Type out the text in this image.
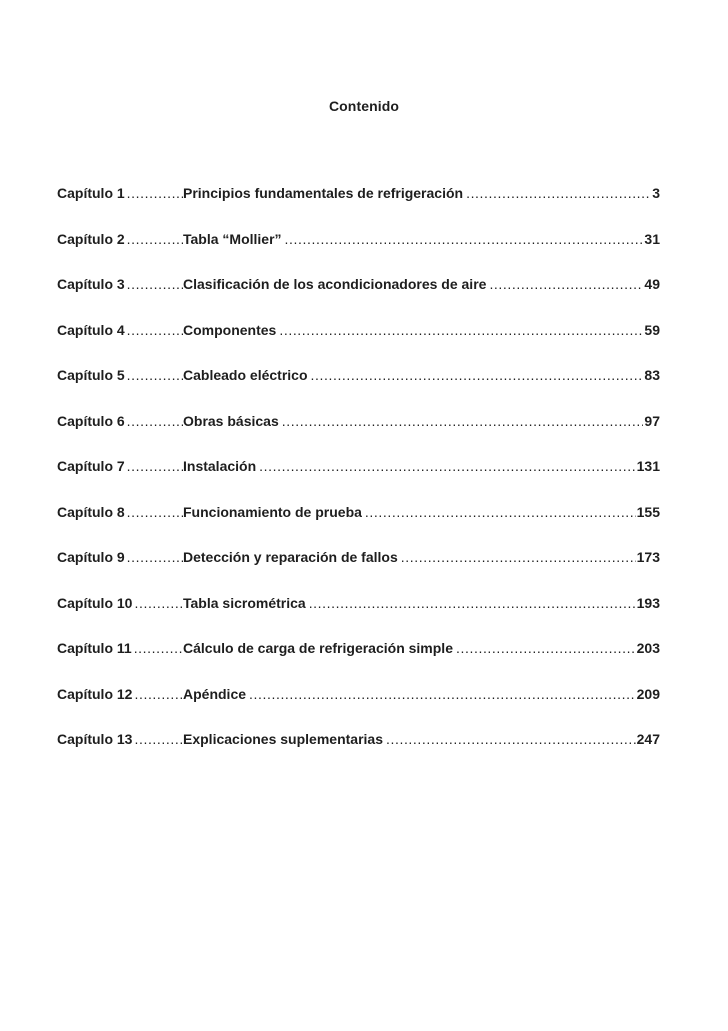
Contenido
Capítulo 1 .....	Principios fundamentales de refrigeración .....	3
Capítulo 2 .....	Tabla “Mollier” .....	31
Capítulo 3 .....	Clasificación de los acondicionadores de aire .....	49
Capítulo 4 .....	Componentes .....	59
Capítulo 5 .....	Cableado eléctrico .....	83
Capítulo 6 .....	Obras básicas .....	97
Capítulo 7 .....	Instalación .....	131
Capítulo 8 .....	Funcionamiento de prueba .....	155
Capítulo 9 .....	Detección y reparación de fallos .....	173
Capítulo 10 .....	Tabla sicrométrica .....	193
Capítulo 11 .....	Cálculo de carga de refrigeración simple .....	203
Capítulo 12 .....	Apéndice .....	209
Capítulo 13 .....	Explicaciones suplementarias .....	247
